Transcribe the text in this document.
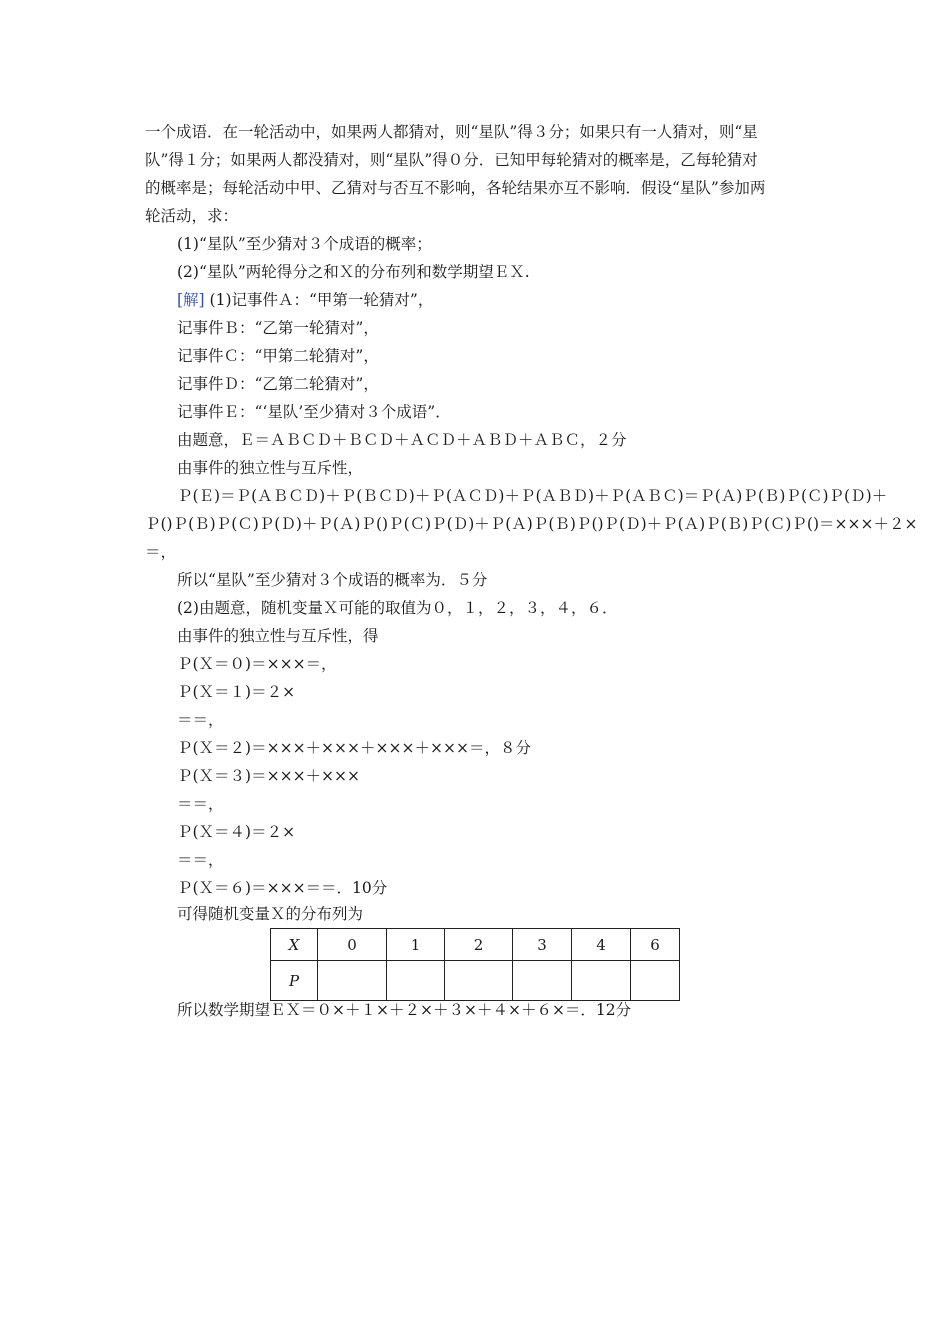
一个成语．在一轮活动中，如果两人都猜对，则“星队”得３分；如果只有一人猜对，则“星
队”得１分；如果两人都没猜对，则“星队”得０分．已知甲每轮猜对的概率是，乙每轮猜对
的概率是；每轮活动中甲、乙猜对与否互不影响，各轮结果亦互不影响．假设“星队”参加两
轮活动，求：
(1)“星队”至少猜对３个成语的概率；
(2)“星队”两轮得分之和Ｘ的分布列和数学期望ＥＸ.
[解] (1)记事件Ａ：“甲第一轮猜对”，
记事件Ｂ：“乙第一轮猜对”，
记事件Ｃ：“甲第二轮猜对”，
记事件Ｄ：“乙第二轮猜对”，
记事件Ｅ：“‘星队’至少猜对３个成语”．
由题意，Ｅ＝ＡＢＣＤ＋ＢＣＤ＋ＡＣＤ＋ＡＢＤ＋ＡＢＣ，２分
由事件的独立性与互斥性，
Ｐ(Ｅ) ＝ Ｐ(ＡＢＣＤ) ＋ Ｐ(ＢＣＤ) ＋ Ｐ(ＡＣＤ) ＋ Ｐ(ＡＢＤ) ＋ Ｐ(ＡＢＣ) ＝ Ｐ(Ａ)Ｐ(Ｂ)Ｐ(Ｃ)Ｐ(Ｄ) ＋
Ｐ()Ｐ(Ｂ)Ｐ(Ｃ)Ｐ(Ｄ)＋Ｐ(Ａ)Ｐ()Ｐ(Ｃ)Ｐ(Ｄ)＋Ｐ(Ａ)Ｐ(Ｂ)Ｐ()Ｐ(Ｄ)＋Ｐ(Ａ)Ｐ(Ｂ)Ｐ(Ｃ)Ｐ()＝×××＋２×
＝，
所以“星队”至少猜对３个成语的概率为．５分
(2)由题意，随机变量Ｘ可能的取值为０，１，２，３，４，６．
由事件的独立性与互斥性，得
Ｐ(Ｘ＝０)＝×××＝，
Ｐ(Ｘ＝１)＝２×
＝＝，
Ｐ(Ｘ＝２)＝×××＋×××＋×××＋×××＝，８分
Ｐ(Ｘ＝３)＝×××＋×××
＝＝，
Ｐ(Ｘ＝４)＝２×
＝＝，
Ｐ(Ｘ＝６)＝×××＝＝．10分
可得随机变量Ｘ的分布列为
X	0	1	2	3	4	6
P						
所以数学期望ＥＸ＝０×＋１×＋２×＋３×＋４×＋６×＝．12分
